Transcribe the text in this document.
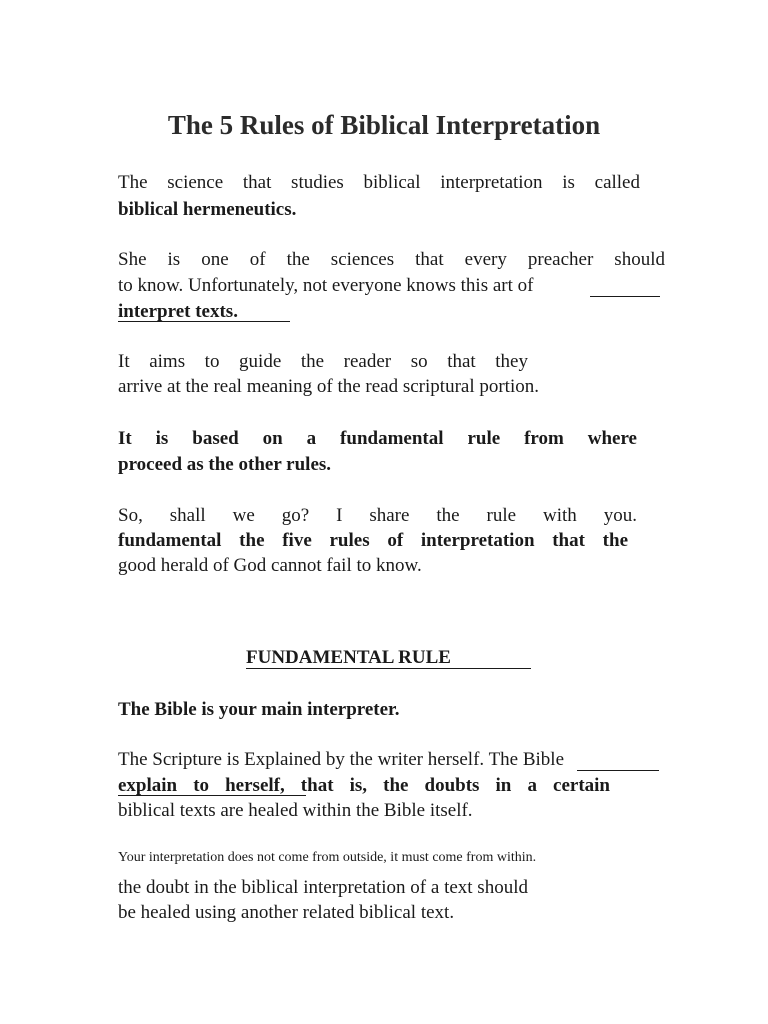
The 5 Rules of Biblical Interpretation
The science that studies biblical interpretation is called
biblical hermeneutics.
She is one of the sciences that every preacher should
to know. Unfortunately, not everyone knows this art of
interpret texts.
It aims to guide the reader so that they
arrive at the real meaning of the read scriptural portion.
It is based on a fundamental rule from where
proceed as the other rules.
So, shall we go? I share the rule with you.
fundamental the five rules of interpretation that the
good herald of God cannot fail to know.
FUNDAMENTAL RULE
The Bible is your main interpreter.
The Scripture is Explained by the writer herself. The Bible
explain to herself, that is, the doubts in a certain
biblical texts are healed within the Bible itself.
Your interpretation does not come from outside, it must come from within.
the doubt in the biblical interpretation of a text should
be healed using another related biblical text.
